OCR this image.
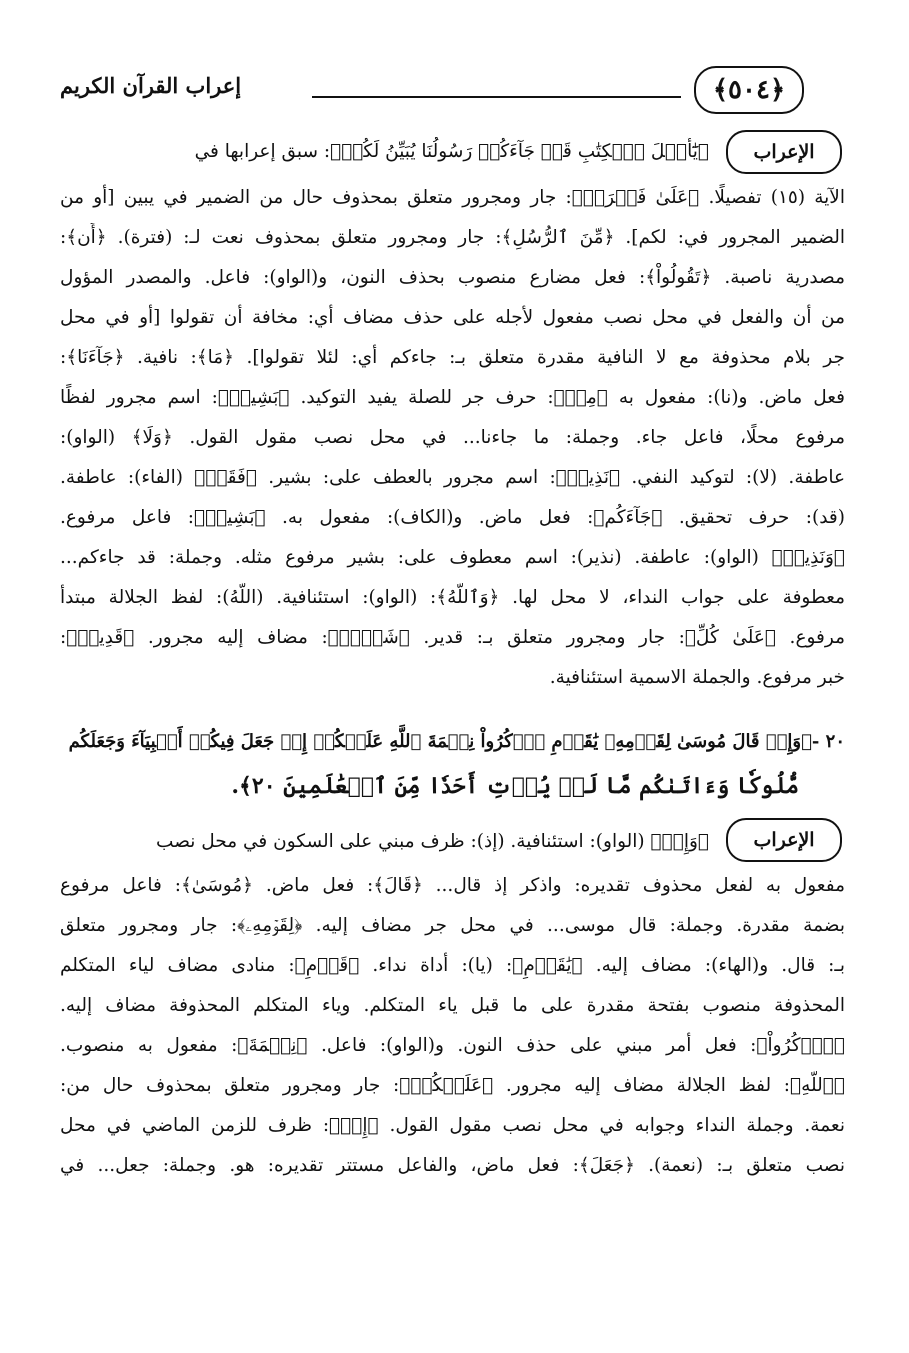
﴿٥٠٤﴾
إعراب القرآن الكريم
الإعراب
﴿يَٰٓأَهۡلَ ٱلۡكِتَٰبِ قَدۡ جَآءَكُمۡ رَسُولُنَا يُبَيِّنُ لَكُمۡ﴾: سبق إعرابها في
الآية (١٥) تفصيلًا. ﴿عَلَىٰ فَتۡرَةٖ﴾: جار ومجرور متعلق بمحذوف حال من الضمير في يبين [أو من
الضمير المجرور في: لكم]. ﴿مِّنَ ٱلرُّسُلِ﴾: جار ومجرور متعلق بمحذوف نعت لـ: (فترة). ﴿أَن﴾:
مصدرية ناصبة. ﴿تَقُولُواْ﴾: فعل مضارع منصوب بحذف النون، و(الواو): فاعل. والمصدر المؤول
من أن والفعل في محل نصب مفعول لأجله على حذف مضاف أي: مخافة أن تقولوا [أو في محل
جر بلام محذوفة مع لا النافية مقدرة متعلق بـ: جاءكم أي: لئلا تقولوا]. ﴿مَا﴾: نافية. ﴿جَآءَنَا﴾:
فعل ماض. و(نا): مفعول به ﴿مِنۢ﴾: حرف جر للصلة يفيد التوكيد. ﴿بَشِيرٖ﴾: اسم مجرور لفظًا
مرفوع محلًا، فاعل جاء. وجملة: ما جاءنا... في محل نصب مقول القول. ﴿وَلَا﴾ (الواو):
عاطفة. (لا): لتوكيد النفي. ﴿نَذِيرٖ﴾: اسم مجرور بالعطف على: بشير. ﴿فَقَدۡ﴾ (الفاء): عاطفة.
(قد): حرف تحقيق. ﴿جَآءَكُم﴾: فعل ماض. و(الكاف): مفعول به. ﴿بَشِيرٞ﴾: فاعل مرفوع.
﴿وَنَذِيرٞ﴾ (الواو): عاطفة. (نذير): اسم معطوف على: بشير مرفوع مثله. وجملة: قد جاءكم...
معطوفة على جواب النداء، لا محل لها. ﴿وَٱللَّهُ﴾: (الواو): استئنافية. (اللَّهُ): لفظ الجلالة مبتدأ
مرفوع. ﴿عَلَىٰ كُلِّ﴾: جار ومجرور متعلق بـ: قدير. ﴿شَيۡءٖ﴾: مضاف إليه مجرور. ﴿قَدِيرٞ﴾:
خبر مرفوع. والجملة الاسمية استئنافية.
٢٠ -﴿وَإِذۡ قَالَ مُوسَىٰ لِقَوۡمِهِۦ يَٰقَوۡمِ ٱذۡكُرُواْ نِعۡمَةَ ٱللَّهِ عَلَيۡكُمۡ إِذۡ جَعَلَ فِيكُمۡ أَنۢبِيَآءَ وَجَعَلَكُم
مُّلُوكٗا وَءَاتَىٰكُم مَّا لَمۡ يُؤۡتِ أَحَدٗا مِّنَ ٱلۡعَٰلَمِينَ ٢٠﴾.
الإعراب
﴿وَإِذۡ﴾ (الواو): استئنافية. (إذ): ظرف مبني على السكون في محل نصب
مفعول به لفعل محذوف تقديره: واذكر إذ قال... ﴿قَالَ﴾: فعل ماض. ﴿مُوسَىٰ﴾: فاعل مرفوع
بضمة مقدرة. وجملة: قال موسى... في محل جر مضاف إليه. ﴿لِقَوۡمِهِۦ﴾: جار ومجرور متعلق
بـ: قال. و(الهاء): مضاف إليه. ﴿يَٰقَوۡمِ﴾: (يا): أداة نداء. ﴿قَوۡمِ﴾: منادى مضاف لياء المتكلم
المحذوفة منصوب بفتحة مقدرة على ما قبل ياء المتكلم. وياء المتكلم المحذوفة مضاف إليه.
﴿ٱذۡكُرُواْ﴾: فعل أمر مبني على حذف النون. و(الواو): فاعل. ﴿نِعۡمَةَ﴾: مفعول به منصوب.
﴿ٱللَّهِ﴾: لفظ الجلالة مضاف إليه مجرور. ﴿عَلَيۡكُمۡ﴾: جار ومجرور متعلق بمحذوف حال من:
نعمة. وجملة النداء وجوابه في محل نصب مقول القول. ﴿إِذۡ﴾: ظرف للزمن الماضي في محل
نصب متعلق بـ: (نعمة). ﴿جَعَلَ﴾: فعل ماض، والفاعل مستتر تقديره: هو. وجملة: جعل... في
